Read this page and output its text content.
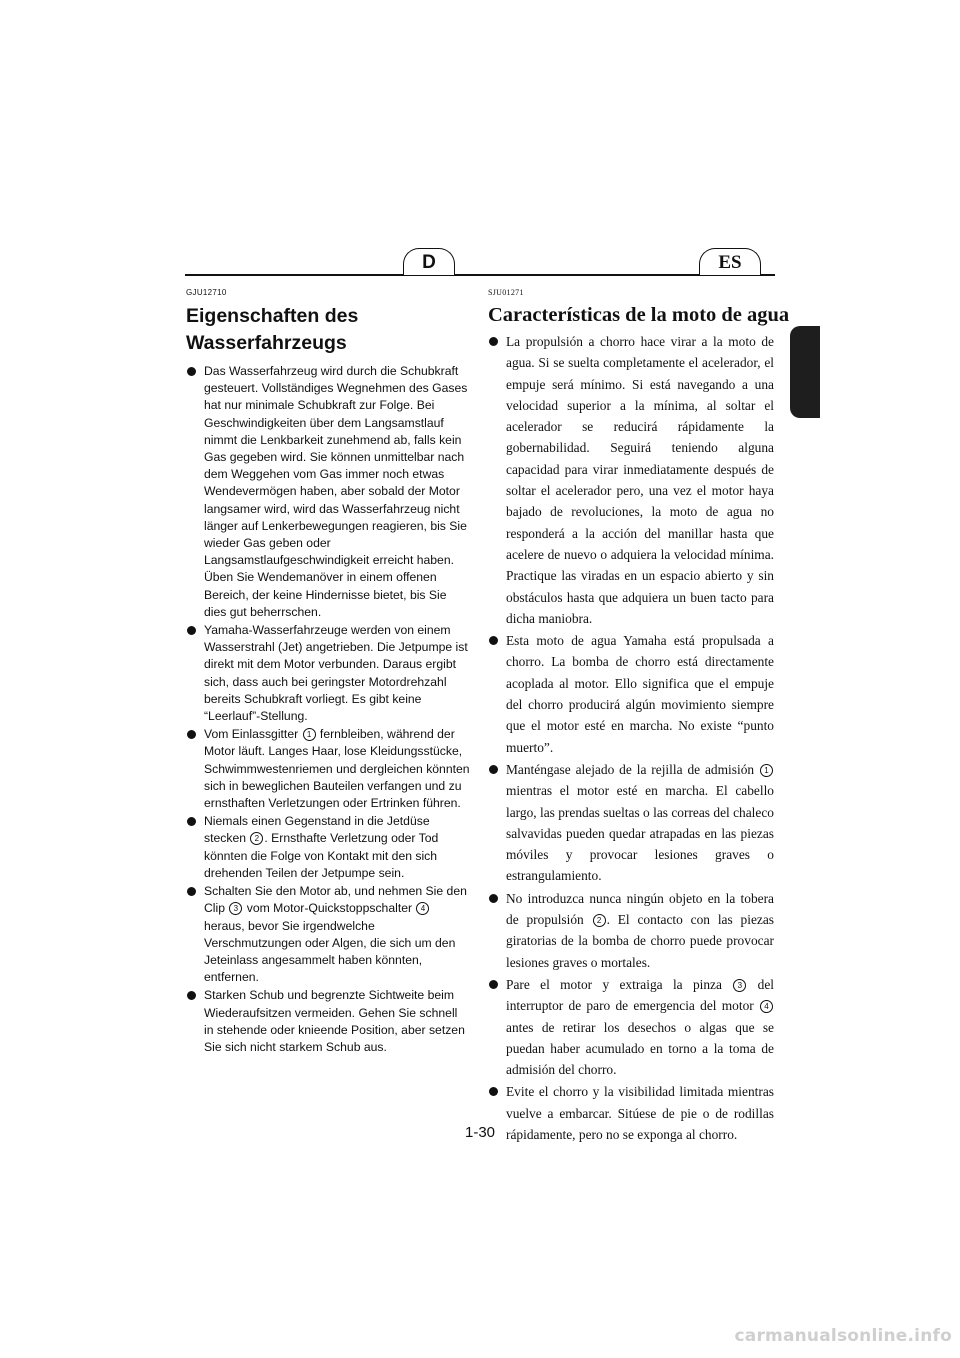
D	ES
GJU12710
Eigenschaften des
Wasserfahrzeugs
Das Wasserfahrzeug wird durch die Schubkraft gesteuert. Vollständiges Wegnehmen des Gases hat nur minimale Schubkraft zur Folge. Bei Geschwindigkeiten über dem Langsamstlauf nimmt die Lenkbarkeit zunehmend ab, falls kein Gas gegeben wird. Sie können unmittelbar nach dem Weggehen vom Gas immer noch etwas Wendevermögen haben, aber sobald der Motor langsamer wird, wird das Wasserfahrzeug nicht länger auf Lenkerbewegungen reagieren, bis Sie wieder Gas geben oder Langsamstlaufgeschwindigkeit erreicht haben. Üben Sie Wendemanöver in einem offenen Bereich, der keine Hindernisse bietet, bis Sie dies gut beherrschen.
Yamaha-Wasserfahrzeuge werden von einem Wasserstrahl (Jet) angetrieben. Die Jetpumpe ist direkt mit dem Motor verbunden. Daraus ergibt sich, dass auch bei geringster Motordrehzahl bereits Schubkraft vorliegt. Es gibt keine “Leerlauf”-Stellung.
Vom Einlassgitter 1 fernbleiben, während der Motor läuft. Langes Haar, lose Kleidungsstücke, Schwimmwestenriemen und dergleichen könnten sich in beweglichen Bauteilen verfangen und zu ernsthaften Verletzungen oder Ertrinken führen.
Niemals einen Gegenstand in die Jetdüse stecken 2 . Ernsthafte Verletzung oder Tod könnten die Folge von Kontakt mit den sich drehenden Teilen der Jetpumpe sein.
Schalten Sie den Motor ab, und nehmen Sie den Clip 3 vom Motor-Quickstoppschalter 4 heraus, bevor Sie irgendwelche Verschmutzungen oder Algen, die sich um den Jeteinlass angesammelt haben könnten, entfernen.
Starken Schub und begrenzte Sichtweite beim Wiederaufsitzen vermeiden. Gehen Sie schnell in stehende oder knieende Position, aber setzen Sie sich nicht starkem Schub aus.
SJU01271
Características de la moto de agua
La propulsión a chorro hace virar a la moto de agua. Si se suelta completamente el acelerador, el empuje será mínimo. Si está navegando a una velocidad superior a la mínima, al soltar el acelerador se reducirá rápidamente la gobernabilidad. Seguirá teniendo alguna capacidad para virar inmediatamente después de soltar el acelerador pero, una vez el motor haya bajado de revoluciones, la moto de agua no responderá a la acción del manillar hasta que acelere de nuevo o adquiera la velocidad mínima. Practique las viradas en un espacio abierto y sin obstáculos hasta que adquiera un buen tacto para dicha maniobra.
Esta moto de agua Yamaha está propulsada a chorro. La bomba de chorro está directamente acoplada al motor. Ello significa que el empuje del chorro producirá algún movimiento siempre que el motor esté en marcha. No existe “punto muerto”.
Manténgase alejado de la rejilla de admisión 1 mientras el motor esté en marcha. El cabello largo, las prendas sueltas o las correas del chaleco salvavidas pueden quedar atrapadas en las piezas móviles y provocar lesiones graves o estrangulamiento.
No introduzca nunca ningún objeto en la tobera de propulsión 2 . El contacto con las piezas giratorias de la bomba de chorro puede provocar lesiones graves o mortales.
Pare el motor y extraiga la pinza 3 del interruptor de paro de emergencia del motor 4 antes de retirar los desechos o algas que se puedan haber acumulado en torno a la toma de admisión del chorro.
Evite el chorro y la visibilidad limitada mientras vuelve a embarcar. Sitúese de pie o de rodillas rápidamente, pero no se exponga al chorro.
1-30
carmanualsonline.info
